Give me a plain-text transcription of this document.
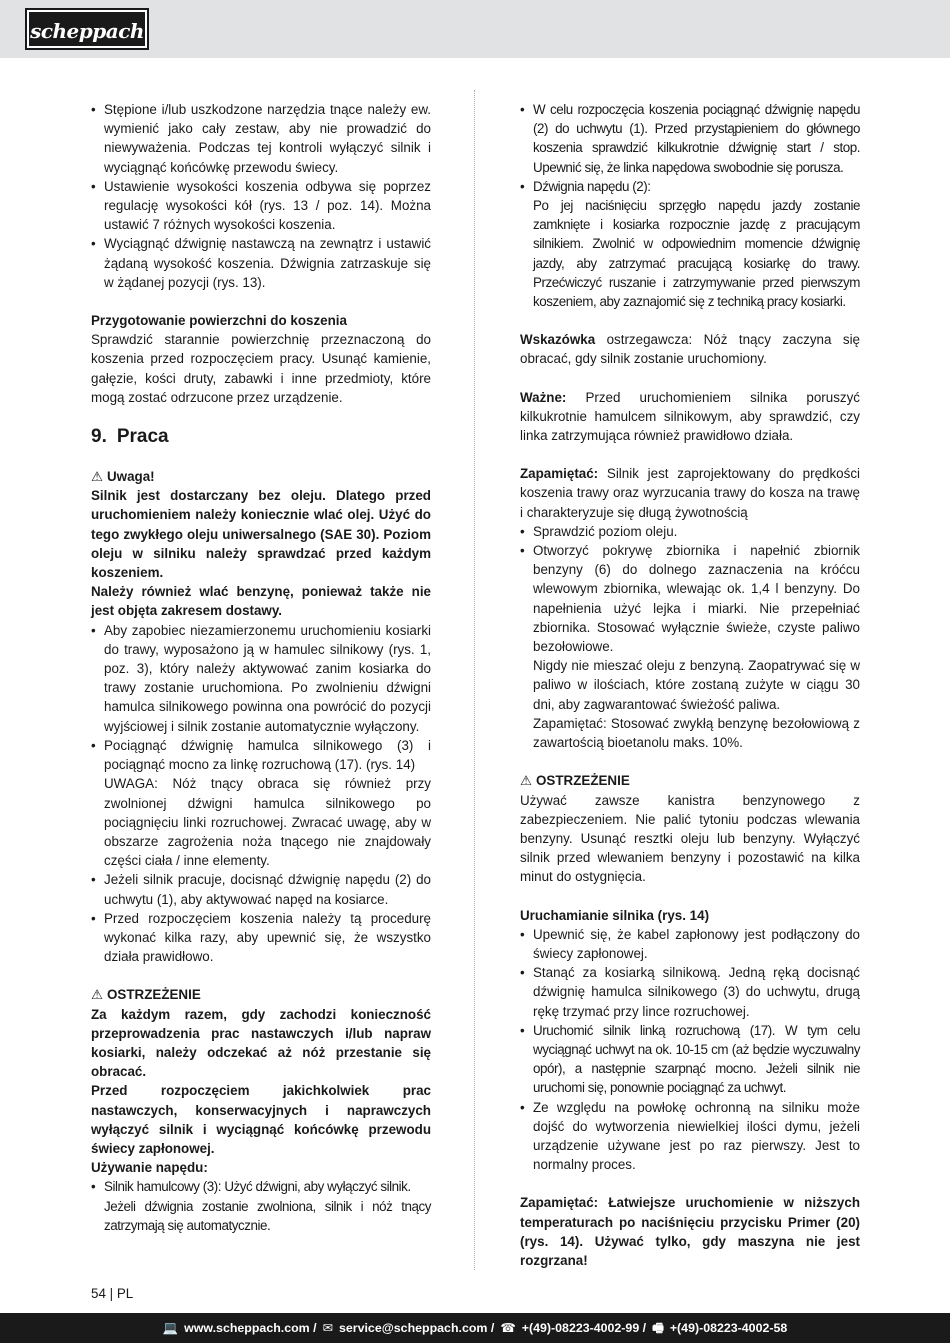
scheppach
• Stępione i/lub uszkodzone narzędzia tnące należy ew. wymienić jako cały zestaw, aby nie prowadzić do niewyważenia. Podczas tej kontroli wyłączyć silnik i wyciągnąć końcówkę przewodu świecy.
• Ustawienie wysokości koszenia odbywa się poprzez regulację wysokości kół (rys. 13 / poz. 14). Można ustawić 7 różnych wysokości koszenia.
• Wyciągnąć dźwignię nastawczą na zewnątrz i ustawić żądaną wysokość koszenia. Dźwignia zatrzaskuje się w żądanej pozycji (rys. 13).

Przygotowanie powierzchni do koszenia

Sprawdzić starannie powierzchnię przeznaczoną do koszenia przed rozpoczęciem pracy. Usunąć kamienie, gałęzie, kości druty, zabawki i inne przedmioty, które mogą zostać odrzucone przez urządzenie.

9. Praca

⚠ Uwaga!

Silnik jest dostarczany bez oleju. Dlatego przed uruchomieniem należy koniecznie wlać olej. Użyć do tego zwykłego oleju uniwersalnego (SAE 30). Poziom oleju w silniku należy sprawdzać przed każdym koszeniem.

Należy również wlać benzynę, ponieważ także nie jest objęta zakresem dostawy.

• Aby zapobiec niezamierzonemu uruchomieniu kosiarki do trawy, wyposażono ją w hamulec silnikowy (rys. 1, poz. 3), który należy aktywować zanim kosiarka do trawy zostanie uruchomiona. Po zwolnieniu dźwigni hamulca silnikowego powinna ona powrócić do pozycji wyjściowej i silnik zostanie automatycznie wyłączony.
• Pociągnąć dźwignię hamulca silnikowego (3) i pociągnąć mocno za linkę rozruchową (17). (rys. 14)
UWAGA: Nóż tnący obraca się również przy zwolnionej dźwigni hamulca silnikowego po pociągnięciu linki rozruchowej. Zwracać uwagę, aby w obszarze zagrożenia noża tnącego nie znajdowały części ciała / inne elementy.
• Jeżeli silnik pracuje, docisnąć dźwignię napędu (2) do uchwytu (1), aby aktywować napęd na kosiarce.
• Przed rozpoczęciem koszenia należy tą procedurę wykonać kilka razy, aby upewnić się, że wszystko działa prawidłowo.

⚠ OSTRZEŻENIE

Za każdym razem, gdy zachodzi konieczność przeprowadzenia prac nastawczych i/lub napraw kosiarki, należy odczekać aż nóż przestanie się obracać.

Przed rozpoczęciem jakichkolwiek prac nastawczych, konserwacyjnych i naprawczych wyłączyć silnik i wyciągnąć końcówkę przewodu świecy zapłonowej.

Używanie napędu:

• Silnik hamulcowy (3): Użyć dźwigni, aby wyłączyć silnik.
Jeżeli dźwignia zostanie zwolniona, silnik i nóż tnący zatrzymają się automatycznie.
• W celu rozpoczęcia koszenia pociągnąć dźwignię napędu (2) do uchwytu (1). Przed przystąpieniem do głównego koszenia sprawdzić kilkukrotnie dźwignię start / stop. Upewnić się, że linka napędowa swobodnie się porusza.
• Dźwignia napędu (2):
Po jej naciśnięciu sprzęgło napędu jazdy zostanie zamknięte i kosiarka rozpocznie jazdę z pracującym silnikiem. Zwolnić w odpowiednim momencie dźwignię jazdy, aby zatrzymać pracującą kosiarkę do trawy. Przećwiczyć ruszanie i zatrzymywanie przed pierwszym koszeniem, aby zaznajomić się z techniką pracy kosiarki.

Wskazówka ostrzegawcza: Nóż tnący zaczyna się obracać, gdy silnik zostanie uruchomiony.

Ważne: Przed uruchomieniem silnika poruszyć kilkukrotnie hamulcem silnikowym, aby sprawdzić, czy linka zatrzymująca również prawidłowo działa.

Zapamiętać: Silnik jest zaprojektowany do prędkości koszenia trawy oraz wyrzucania trawy do kosza na trawę i charakteryzuje się długą żywotnością

• Sprawdzić poziom oleju.
• Otworzyć pokrywę zbiornika i napełnić zbiornik benzyny (6) do dolnego zaznaczenia na króćcu wlewowym zbiornika, wlewając ok. 1,4 l benzyny. Do napełnienia użyć lejka i miarki. Nie przepełniać zbiornika. Stosować wyłącznie świeże, czyste paliwo bezołowiowe.
Nigdy nie mieszać oleju z benzyną. Zaopatrywać się w paliwo w ilościach, które zostaną zużyte w ciągu 30 dni, aby zagwarantować świeżość paliwa.
Zapamiętać: Stosować zwykłą benzynę bezołowiową z zawartością bioetanolu maks. 10%.

⚠ OSTRZEŻENIE

Używać zawsze kanistra benzynowego z zabezpieczeniem. Nie palić tytoniu podczas wlewania benzyny. Usunąć resztki oleju lub benzyny. Wyłączyć silnik przed wlewaniem benzyny i pozostawić na kilka minut do ostygnięcia.

Uruchamianie silnika (rys. 14)

• Upewnić się, że kabel zapłonowy jest podłączony do świecy zapłonowej.
• Stanąć za kosiarką silnikową. Jedną ręką docisnąć dźwignię hamulca silnikowego (3) do uchwytu, drugą rękę trzymać przy lince rozruchowej.
• Uruchomić silnik linką rozruchową (17). W tym celu wyciągnąć uchwyt na ok. 10-15 cm (aż będzie wyczuwalny opór), a następnie szarpnąć mocno. Jeżeli silnik nie uruchomi się, ponownie pociągnąć za uchwyt.
• Ze względu na powłokę ochronną na silniku może dojść do wytworzenia niewielkiej ilości dymu, jeżeli urządzenie używane jest po raz pierwszy. Jest to normalny proces.

Zapamiętać: Łatwiejsze uruchomienie w niższych temperaturach po naciśnięciu przycisku Primer (20) (rys. 14). Używać tylko, gdy maszyna nie jest rozgrzana!

54 | PL
💻 www.scheppach.com / ✉ service@scheppach.com / ☎ +(49)-08223-4002-99 / 🖷 +(49)-08223-4002-58
